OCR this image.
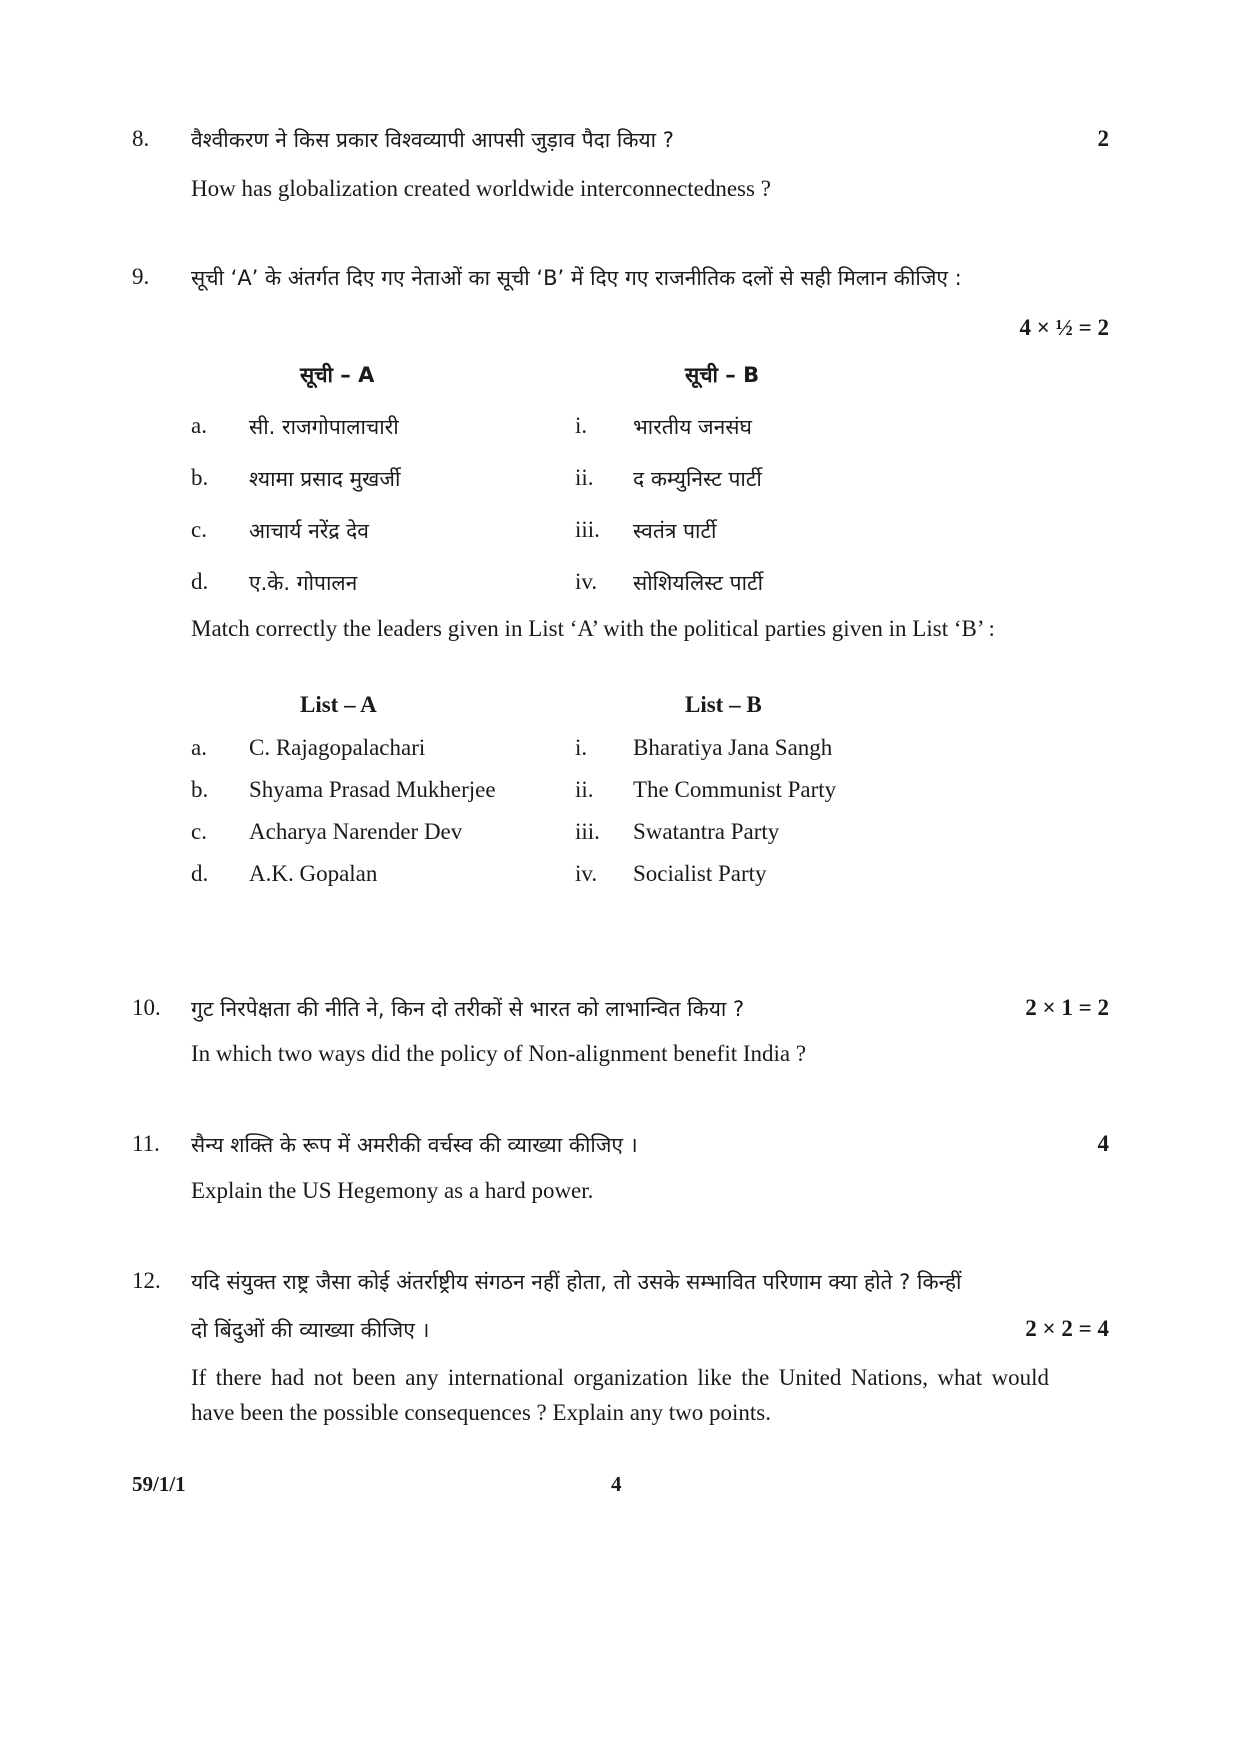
8. वैश्वीकरण ने किस प्रकार विश्वव्यापी आपसी जुड़ाव पैदा किया ?	2
How has globalization created worldwide interconnectedness ?
9. सूची ‘A’ के अंतर्गत दिए गए नेताओं का सूची ‘B’ में दिए गए राजनीतिक दलों से सही मिलान कीजिए :
4 × ½ = 2
सूची – A	सूची – B
a. सी. राजगोपालाचारी	i. भारतीय जनसंघ
b. श्यामा प्रसाद मुखर्जी	ii. द कम्युनिस्ट पार्टी
c. आचार्य नरेंद्र देव	iii. स्वतंत्र पार्टी
d. ए.के. गोपालन	iv. सोशियलिस्ट पार्टी
Match correctly the leaders given in List ‘A’ with the political parties given in List ‘B’ :
List – A	List – B
a. C. Rajagopalachari	i. Bharatiya Jana Sangh
b. Shyama Prasad Mukherjee	ii. The Communist Party
c. Acharya Narender Dev	iii. Swatantra Party
d. A.K. Gopalan	iv. Socialist Party
10. गुट निरपेक्षता की नीति ने, किन दो तरीकों से भारत को लाभान्वित किया ?	2 × 1 = 2
In which two ways did the policy of Non-alignment benefit India ?
11. सैन्य शक्ति के रूप में अमरीकी वर्चस्व की व्याख्या कीजिए ।	4
Explain the US Hegemony as a hard power.
12. यदि संयुक्त राष्ट्र जैसा कोई अंतर्राष्ट्रीय संगठन नहीं होता, तो उसके सम्भावित परिणाम क्या होते ? किन्हीं
दो बिंदुओं की व्याख्या कीजिए ।	2 × 2 = 4
If there had not been any international organization like the United Nations, what would have been the possible consequences ? Explain any two points.
59/1/1	4
